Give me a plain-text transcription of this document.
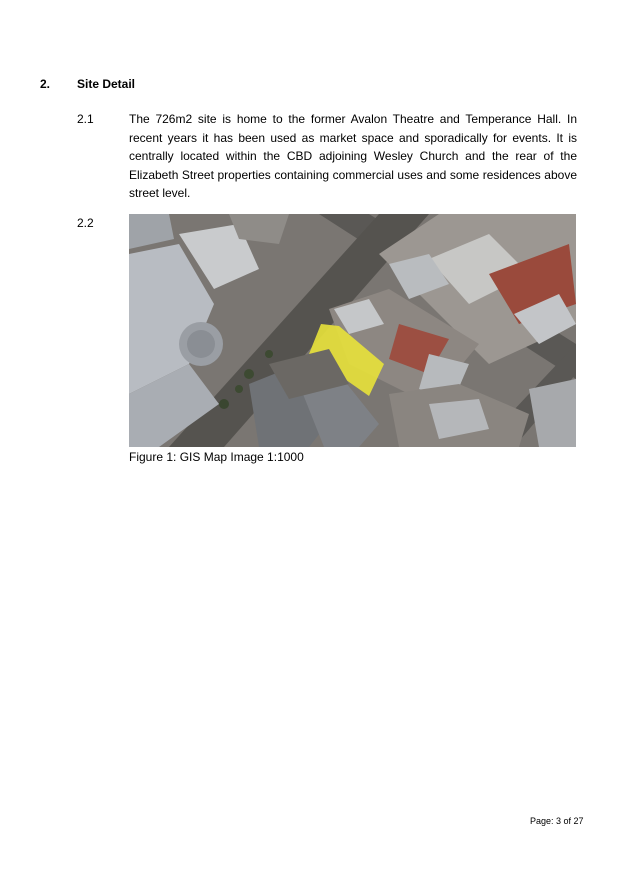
2. Site Detail
2.1	The 726m2 site is home to the former Avalon Theatre and Temperance Hall. In recent years it has been used as market space and sporadically for events. It is centrally located within the CBD adjoining Wesley Church and the rear of the Elizabeth Street properties containing commercial uses and some residences above street level.
2.2
Figure 1: GIS Map Image 1:1000
Page: 3 of 27
